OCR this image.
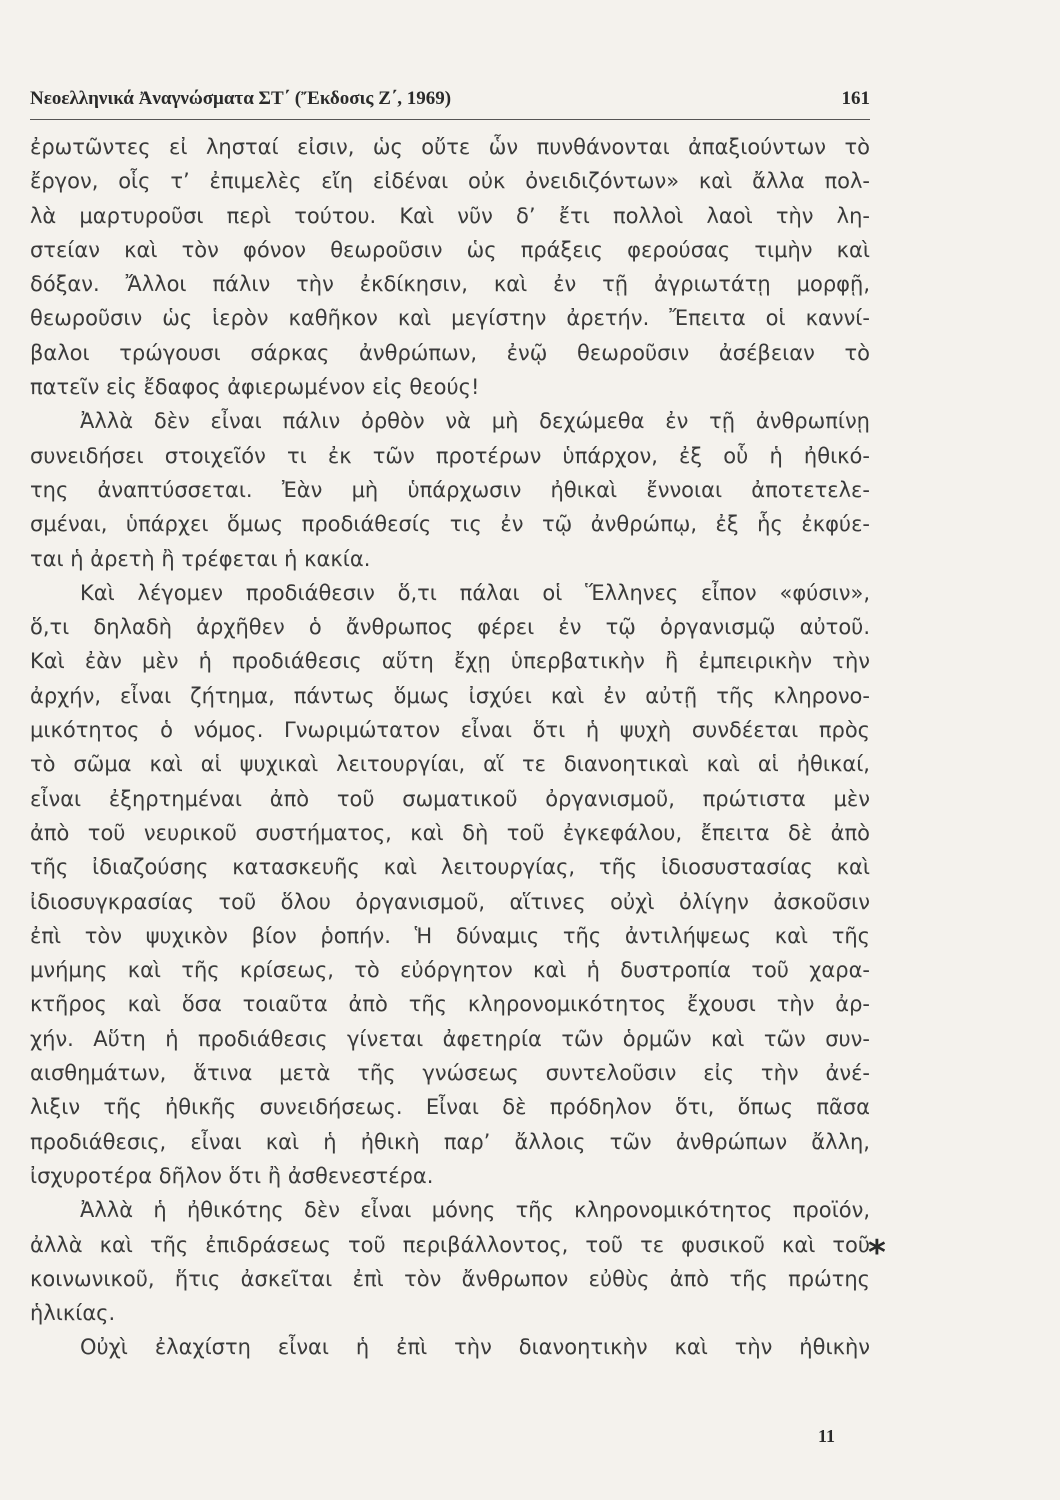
Νεοελληνικά Ἀναγνώσματα ΣΤ΄ (Ἔκδοσις Ζ΄, 1969)	161
ἐρωτῶντες εἰ λησταί εἰσιν, ὡς οὔτε ὧν πυνθάνονται ἀπαξιούντων τὸ
ἔργον, οἷς τ’ ἐπιμελὲς εἴη εἰδέναι οὐκ ὀνειδιζόντων» καὶ ἄλλα πολ-
λὰ μαρτυροῦσι περὶ τούτου. Καὶ νῦν δ’ ἔτι πολλοὶ λαοὶ τὴν λη-
στείαν καὶ τὸν φόνον θεωροῦσιν ὡς πράξεις φερούσας τιμὴν καὶ
δόξαν. Ἄλλοι πάλιν τὴν ἐκδίκησιν, καὶ ἐν τῇ ἀγριωτάτῃ μορφῇ,
θεωροῦσιν ὡς ἱερὸν καθῆκον καὶ μεγίστην ἀρετήν. Ἔπειτα οἱ καννί-
βαλοι τρώγουσι σάρκας ἀνθρώπων, ἐνῷ θεωροῦσιν ἀσέβειαν τὸ
πατεῖν εἰς ἔδαφος ἀφιερωμένον εἰς θεούς!
Ἀλλὰ δὲν εἶναι πάλιν ὀρθὸν νὰ μὴ δεχώμεθα ἐν τῇ ἀνθρωπίνῃ
συνειδήσει στοιχεῖόν τι ἐκ τῶν προτέρων ὑπάρχον, ἐξ οὗ ἡ ἠθικό-
της ἀναπτύσσεται. Ἐὰν μὴ ὑπάρχωσιν ἠθικαὶ ἔννοιαι ἀποτετελε-
σμέναι, ὑπάρχει ὅμως προδιάθεσίς τις ἐν τῷ ἀνθρώπῳ, ἐξ ἧς ἐκφύε-
ται ἡ ἀρετὴ ἢ τρέφεται ἡ κακία.
Καὶ λέγομεν προδιάθεσιν ὅ,τι πάλαι οἱ Ἕλληνες εἶπον «φύσιν»,
ὅ,τι δηλαδὴ ἀρχῆθεν ὁ ἄνθρωπος φέρει ἐν τῷ ὀργανισμῷ αὐτοῦ.
Καὶ ἐὰν μὲν ἡ προδιάθεσις αὕτη ἔχῃ ὑπερβατικὴν ἢ ἐμπειρικὴν τὴν
ἀρχήν, εἶναι ζήτημα, πάντως ὅμως ἰσχύει καὶ ἐν αὐτῇ τῆς κληρονο-
μικότητος ὁ νόμος. Γνωριμώτατον εἶναι ὅτι ἡ ψυχὴ συνδέεται πρὸς
τὸ σῶμα καὶ αἱ ψυχικαὶ λειτουργίαι, αἵ τε διανοητικαὶ καὶ αἱ ἠθικαί,
εἶναι ἐξηρτημέναι ἀπὸ τοῦ σωματικοῦ ὀργανισμοῦ, πρώτιστα μὲν
ἀπὸ τοῦ νευρικοῦ συστήματος, καὶ δὴ τοῦ ἐγκεφάλου, ἔπειτα δὲ ἀπὸ
τῆς ἰδιαζούσης κατασκευῆς καὶ λειτουργίας, τῆς ἰδιοσυστασίας καὶ
ἰδιοσυγκρασίας τοῦ ὅλου ὀργανισμοῦ, αἵτινες οὐχὶ ὀλίγην ἀσκοῦσιν
ἐπὶ τὸν ψυχικὸν βίον ῥοπήν. Ἡ δύναμις τῆς ἀντιλήψεως καὶ τῆς
μνήμης καὶ τῆς κρίσεως, τὸ εὐόργητον καὶ ἡ δυστροπία τοῦ χαρα-
κτῆρος καὶ ὅσα τοιαῦτα ἀπὸ τῆς κληρονομικότητος ἔχουσι τὴν ἀρ-
χήν. Αὕτη ἡ προδιάθεσις γίνεται ἀφετηρία τῶν ὁρμῶν καὶ τῶν συν-
αισθημάτων, ἅτινα μετὰ τῆς γνώσεως συντελοῦσιν εἰς τὴν ἀνέ-
λιξιν τῆς ἠθικῆς συνειδήσεως. Εἶναι δὲ πρόδηλον ὅτι, ὅπως πᾶσα
προδιάθεσις, εἶναι καὶ ἡ ἠθικὴ παρ’ ἄλλοις τῶν ἀνθρώπων ἄλλη,
ἰσχυροτέρα δῆλον ὅτι ἢ ἀσθενεστέρα.
Ἀλλὰ ἡ ἠθικότης δὲν εἶναι μόνης τῆς κληρονομικότητος προϊόν,
ἀλλὰ καὶ τῆς ἐπιδράσεως τοῦ περιβάλλοντος, τοῦ τε φυσικοῦ καὶ τοῦ
κοινωνικοῦ, ἥτις ἀσκεῖται ἐπὶ τὸν ἄνθρωπον εὐθὺς ἀπὸ τῆς πρώτης
ἡλικίας.
Οὐχὶ ἐλαχίστη εἶναι ἡ ἐπὶ τὴν διανοητικὴν καὶ τὴν ἠθικὴν
*
11
